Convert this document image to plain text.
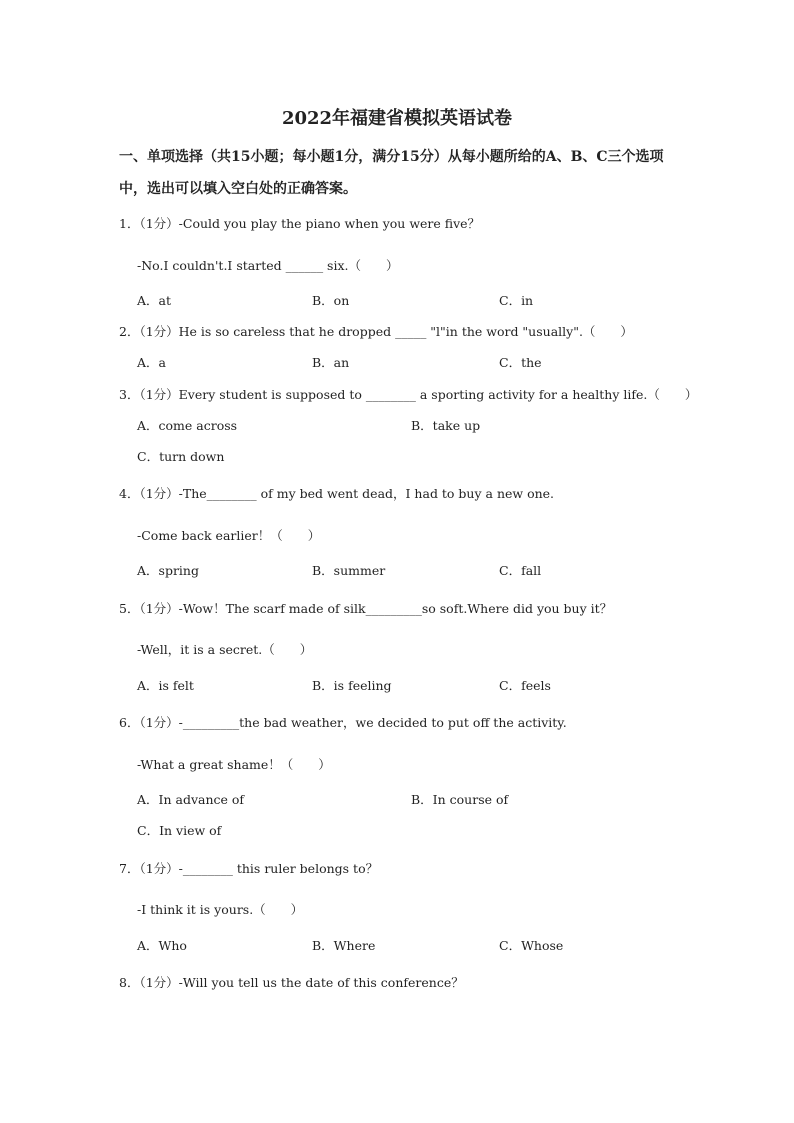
2022年福建省模拟英语试卷
一、单项选择（共15小题；每小题1分，满分15分）从每小题所给的A、B、C三个选项
中，选出可以填入空白处的正确答案。
1．（1分）-Could you play the piano when you were five？
-No.I couldn't.I started ______ six.（　　）
A．at	B．on	C．in
2．（1分）He is so careless that he dropped _____ "l"in the word "usually".（　　）
A．a	B．an	C．the
3．（1分）Every student is supposed to ________ a sporting activity for a healthy life.（　　）
A．come across	B．take up
C．turn down
4．（1分）-The________ of my bed went dead，I had to buy a new one.
-Come back earlier！（　　）
A．spring	B．summer	C．fall
5．（1分）-Wow！The scarf made of silk_________so soft.Where did you buy it？
-Well，it is a secret.（　　）
A．is felt	B．is feeling	C．feels
6．（1分）-_________the bad weather，we decided to put off the activity.
-What a great shame！（　　）
A．In advance of	B．In course of
C．In view of
7．（1分）-________ this ruler belongs to？
-I think it is yours.（　　）
A．Who	B．Where	C．Whose
8．（1分）-Will you tell us the date of this conference？
